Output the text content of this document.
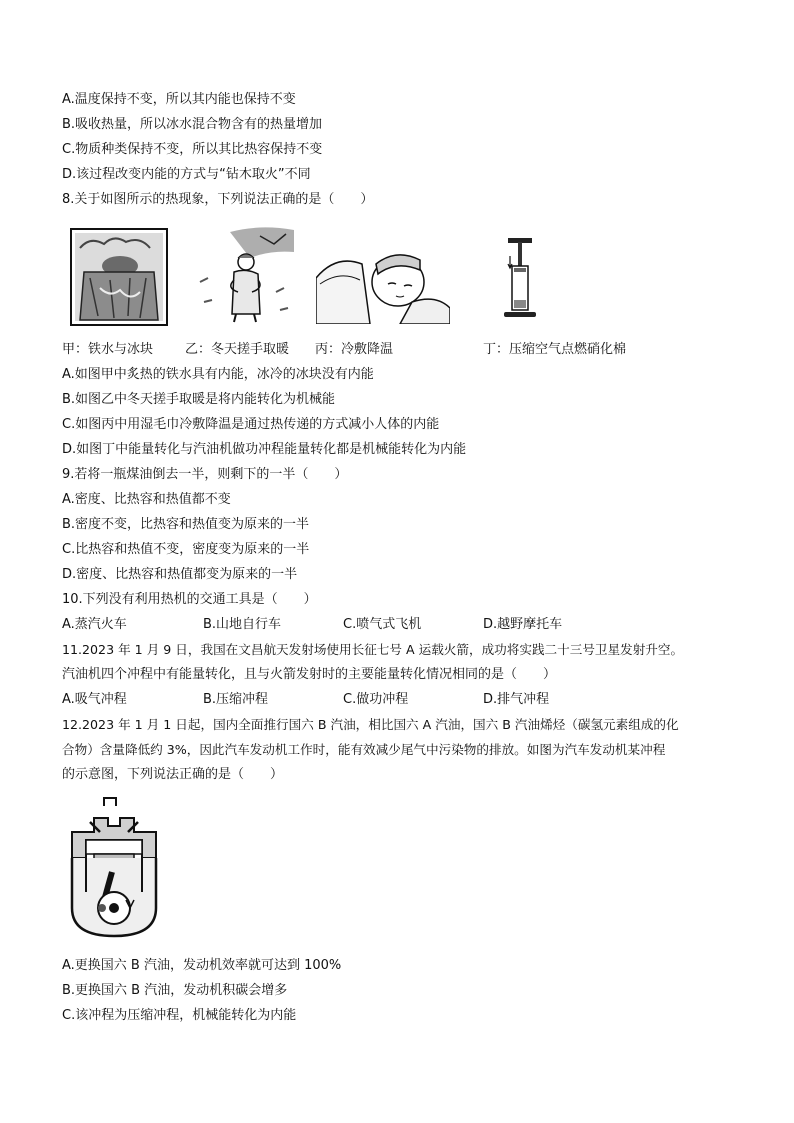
A.温度保持不变，所以其内能也保持不变
B.吸收热量，所以冰水混合物含有的热量增加
C.物质种类保持不变，所以其比热容保持不变
D.该过程改变内能的方式与“钻木取火”不同
8.关于如图所示的热现象，下列说法正确的是（　　）
甲：铁水与冰块 乙：冬天搓手取暖 丙：冷敷降温	丁：压缩空气点燃硝化棉
A.如图甲中炙热的铁水具有内能，冰冷的冰块没有内能
B.如图乙中冬天搓手取暖是将内能转化为机械能
C.如图丙中用湿毛巾冷敷降温是通过热传递的方式减小人体的内能
D.如图丁中能量转化与汽油机做功冲程能量转化都是机械能转化为内能
9.若将一瓶煤油倒去一半，则剩下的一半（　　）
A.密度、比热容和热值都不变
B.密度不变，比热容和热值变为原来的一半
C.比热容和热值不变，密度变为原来的一半
D.密度、比热容和热值都变为原来的一半
10.下列没有利用热机的交通工具是（　　）
A.蒸汽火车	B.山地自行车	C.喷气式飞机	D.越野摩托车
11.2023 年 1 月 9 日，我国在文昌航天发射场使用长征七号 A 运载火箭，成功将实践二十三号卫星发射升空。
汽油机四个冲程中有能量转化，且与火箭发射时的主要能量转化情况相同的是（　　）
A.吸气冲程	B.压缩冲程	C.做功冲程	D.排气冲程
12.2023 年 1 月 1 日起，国内全面推行国六 B 汽油，相比国六 A 汽油，国六 B 汽油烯烃（碳氢元素组成的化
合物）含量降低约 3%，因此汽车发动机工作时，能有效减少尾气中污染物的排放。如图为汽车发动机某冲程
的示意图，下列说法正确的是（　　）
A.更换国六 B 汽油，发动机效率就可达到 100%
B.更换国六 B 汽油，发动机积碳会增多
C.该冲程为压缩冲程，机械能转化为内能
